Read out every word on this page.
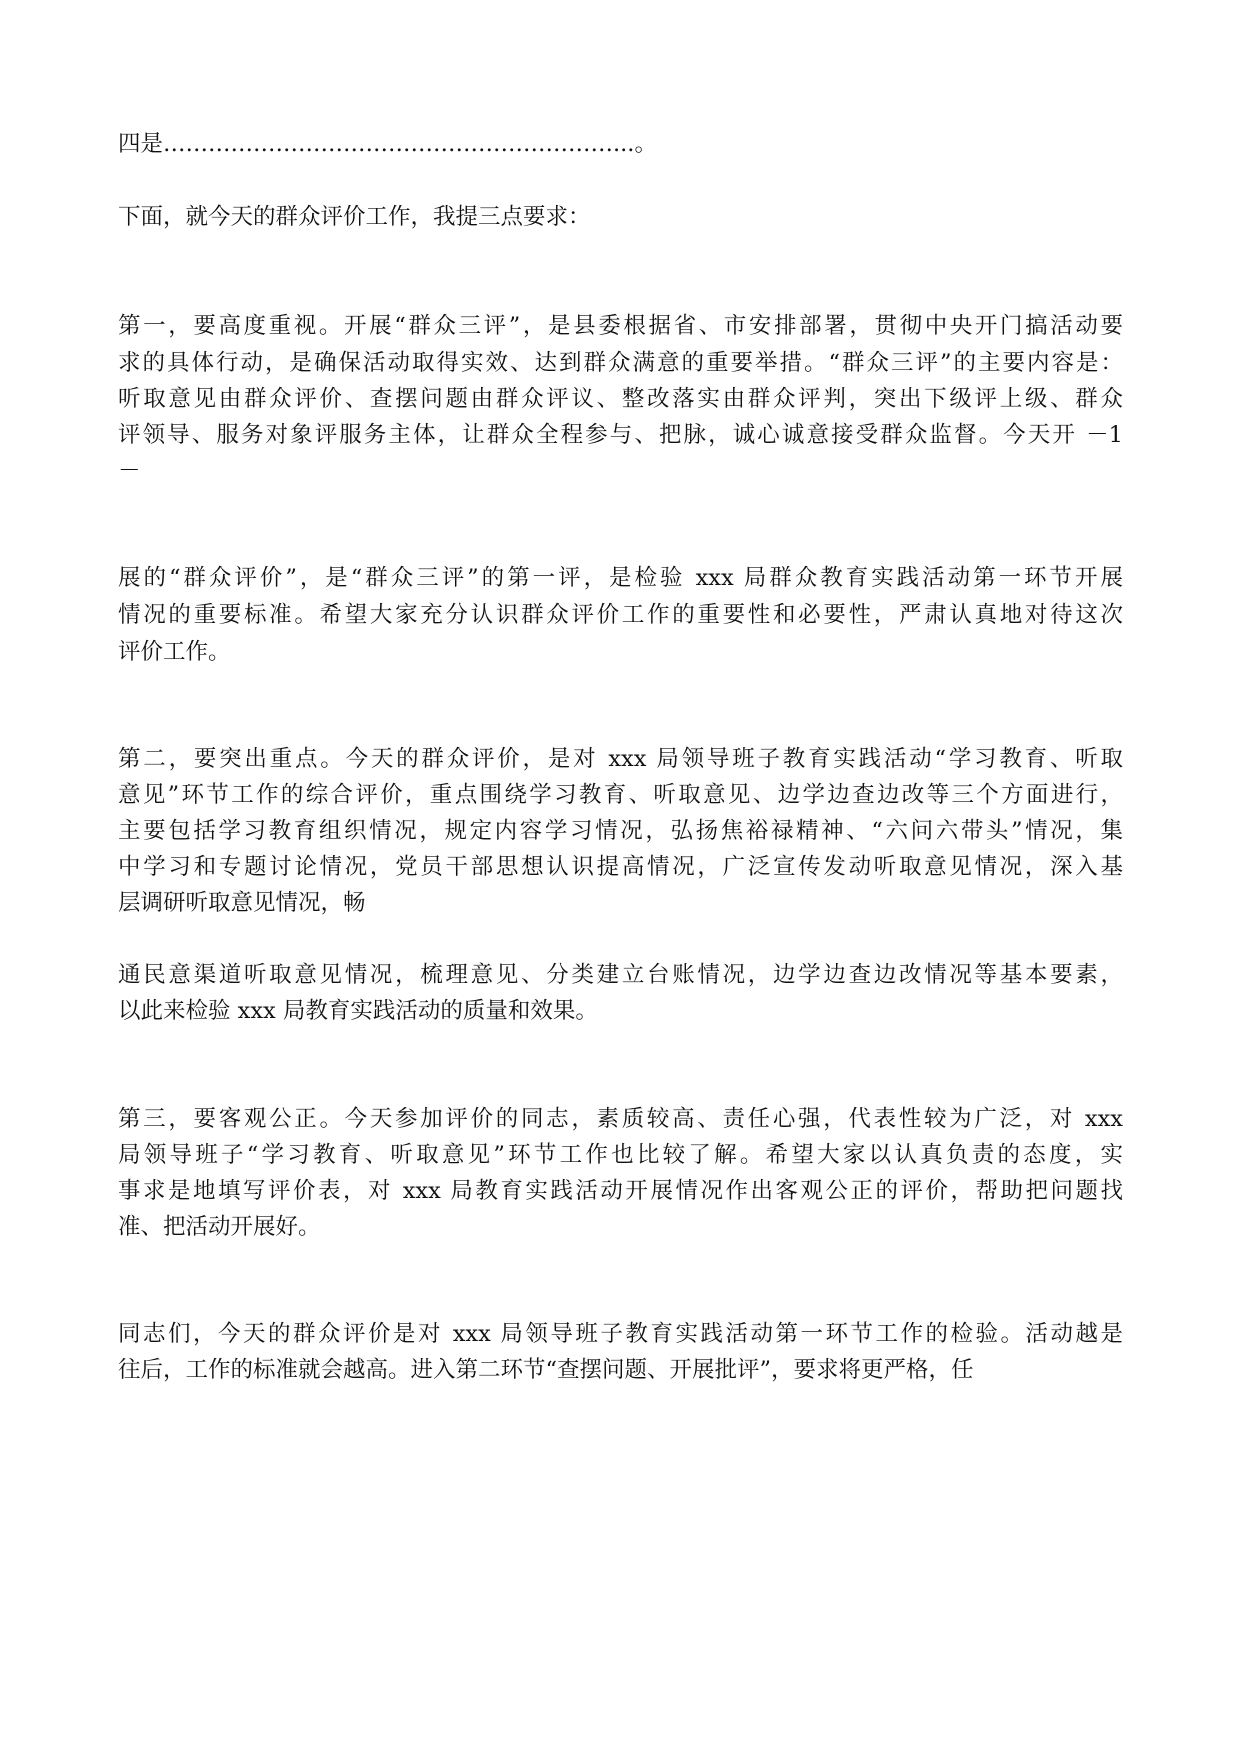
四是……………………………………………………...。
下面，就今天的群众评价工作，我提三点要求：
第一，要高度重视。开展“群众三评”，是县委根据省、市安排部署，贯彻中央开门搞活动要
求的具体行动，是确保活动取得实效、达到群众满意的重要举措。“群众三评”的主要内容是：
听取意见由群众评价、查摆问题由群众评议、整改落实由群众评判，突出下级评上级、群众
评领导、服务对象评服务主体，让群众全程参与、把脉，诚心诚意接受群众监督。今天开 －1
－
展的“群众评价”，是“群众三评”的第一评，是检验 xxx 局群众教育实践活动第一环节开展
情况的重要标准。希望大家充分认识群众评价工作的重要性和必要性，严肃认真地对待这次
评价工作。
第二，要突出重点。今天的群众评价，是对 xxx 局领导班子教育实践活动“学习教育、听取
意见”环节工作的综合评价，重点围绕学习教育、听取意见、边学边查边改等三个方面进行，
主要包括学习教育组织情况，规定内容学习情况，弘扬焦裕禄精神、“六问六带头”情况，集
中学习和专题讨论情况，党员干部思想认识提高情况，广泛宣传发动听取意见情况，深入基
层调研听取意见情况，畅
通民意渠道听取意见情况，梳理意见、分类建立台账情况，边学边查边改情况等基本要素，
以此来检验 xxx 局教育实践活动的质量和效果。
第三，要客观公正。今天参加评价的同志，素质较高、责任心强，代表性较为广泛，对 xxx
局领导班子“学习教育、听取意见”环节工作也比较了解。希望大家以认真负责的态度，实
事求是地填写评价表，对 xxx 局教育实践活动开展情况作出客观公正的评价，帮助把问题找
准、把活动开展好。
同志们，今天的群众评价是对 xxx 局领导班子教育实践活动第一环节工作的检验。活动越是
往后，工作的标准就会越高。进入第二环节“查摆问题、开展批评”，要求将更严格，任
